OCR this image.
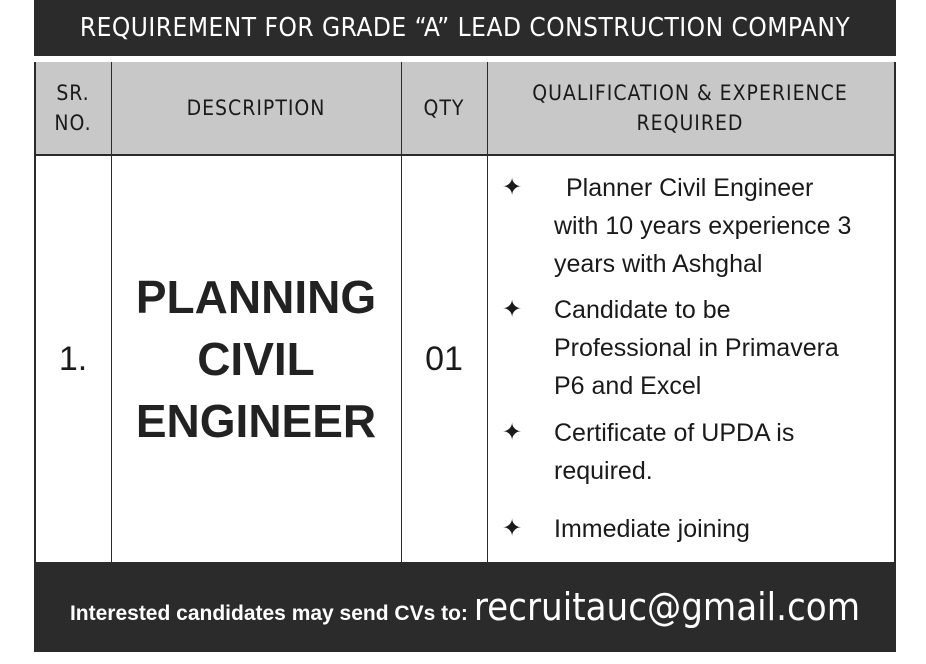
REQUIREMENT FOR GRADE “A” LEAD CONSTRUCTION COMPANY
SR.
NO.
DESCRIPTION	QTY
QUALIFICATION & EXPERIENCE
REQUIRED
1.
PLANNING
CIVIL
ENGINEER
01
✦ Planner Civil Engineer
with 10 years experience 3
years with Ashghal
✦ Candidate to be
Professional in Primavera
P6 and Excel
✦ Certificate of UPDA is
required.
✦ Immediate joining
Interested candidates may send CVs to: recruitauc@gmail.com
